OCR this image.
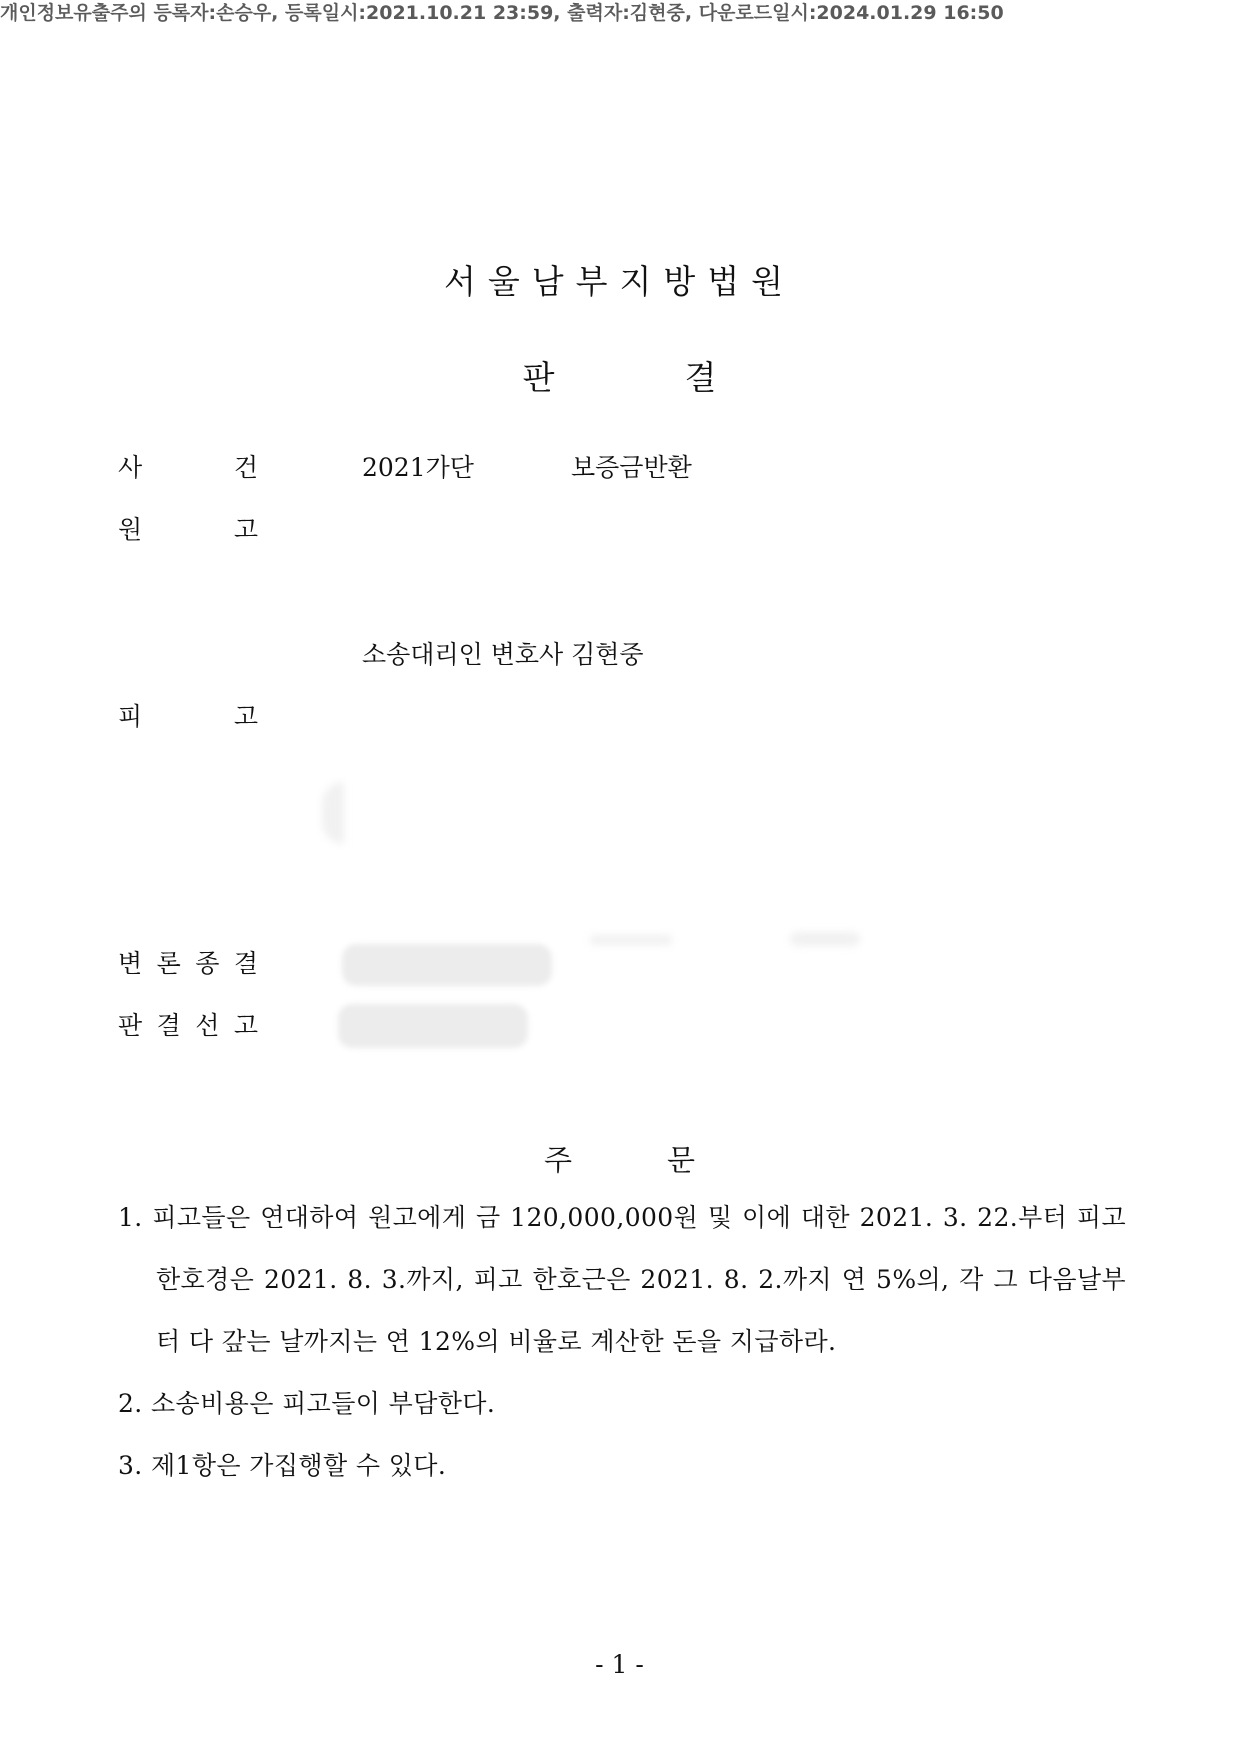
개인정보유출주의 등록자:손승우, 등록일시:2021.10.21 23:59, 출력자:김현중, 다운로드일시:2024.01.29 16:50
서울남부지방법원
판	결
사	건	2021가단	보증금반환
원	고
소송대리인 변호사 김현중
피	고
변 론 종 결
판 결 선 고
주	문
1. 피고들은 연대하여 원고에게 금 120,000,000원 및 이에 대한 2021. 3. 22.부터 피고
한호경은 2021. 8. 3.까지, 피고 한호근은 2021. 8. 2.까지 연 5%의, 각 그 다음날부
터 다 갚는 날까지는 연 12%의 비율로 계산한 돈을 지급하라.
2. 소송비용은 피고들이 부담한다.
3. 제1항은 가집행할 수 있다.
- 1 -
